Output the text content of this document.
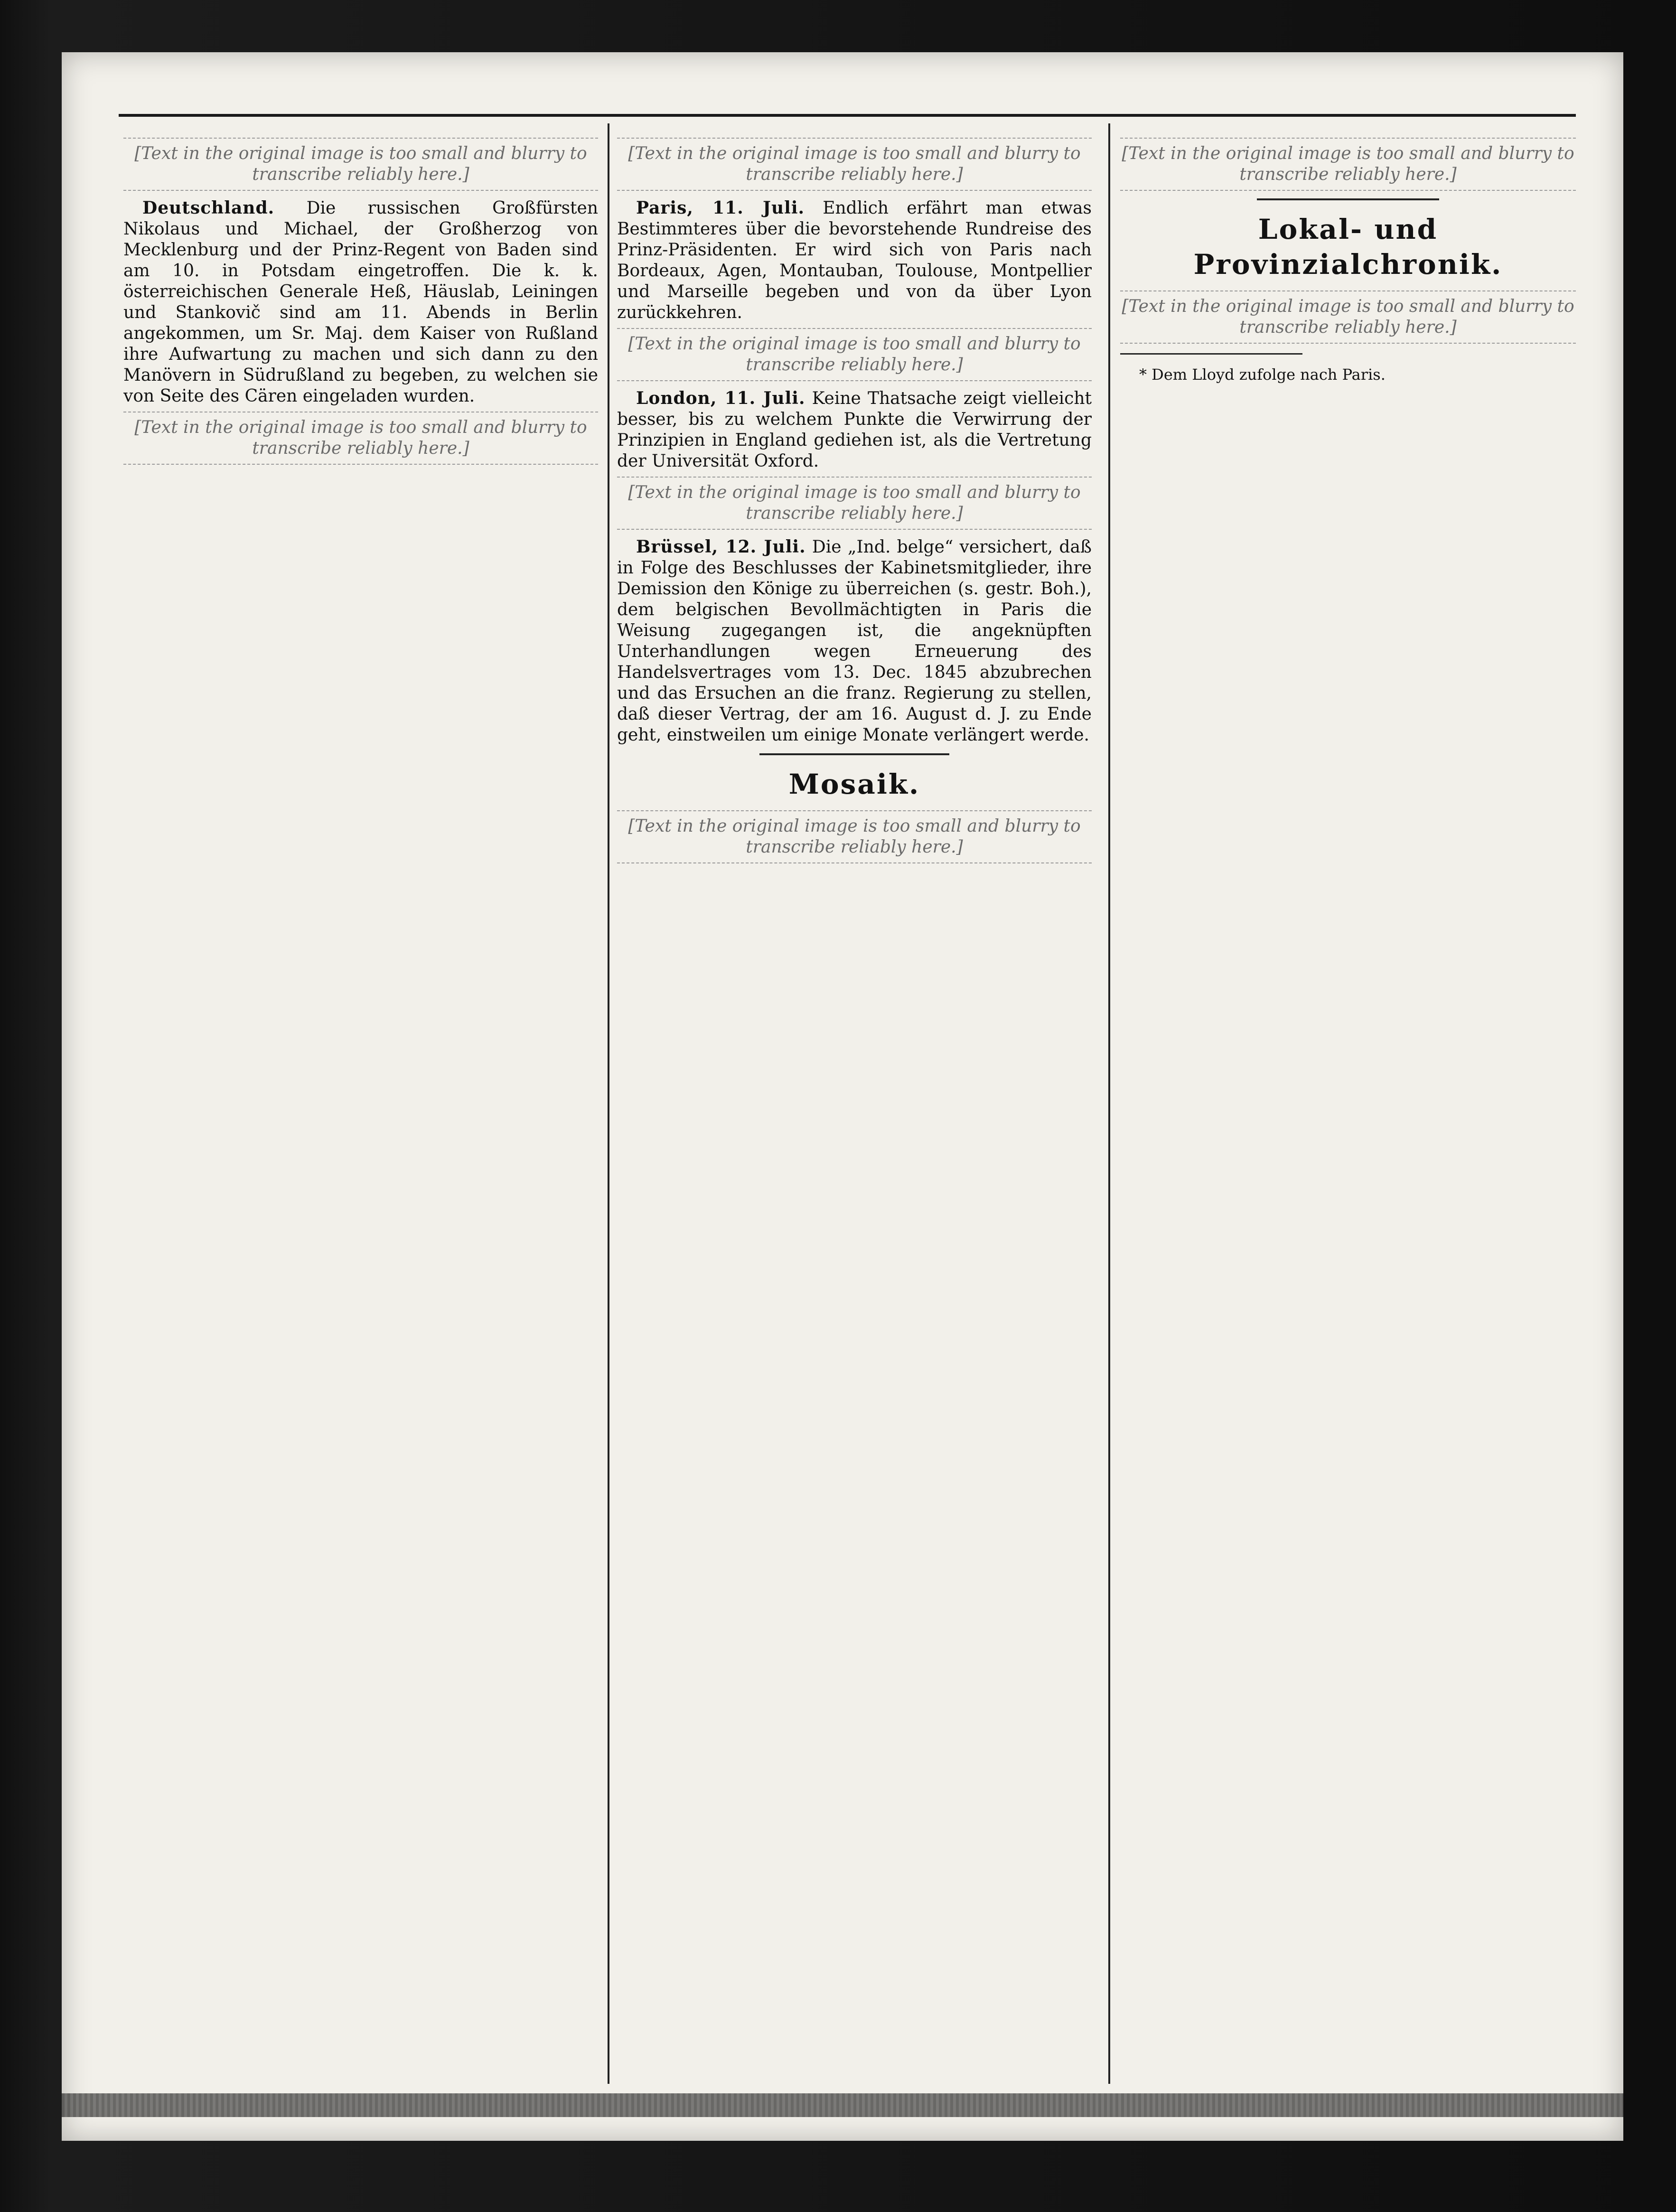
[Text in the original image is too small and blurry to transcribe reliably here.]

Deutschland. Die russischen Großfürsten Nikolaus und Michael, der Großherzog von Mecklenburg und der Prinz-Regent von Baden sind am 10. in Potsdam eingetroffen. Die k. k. österreichischen Generale Heß, Häuslab, Leiningen und Stankovič sind am 11. Abends in Berlin angekommen, um Sr. Maj. dem Kaiser von Rußland ihre Aufwartung zu machen und sich dann zu den Manövern in Südrußland zu begeben, zu welchen sie von Seite des Cären eingeladen wurden.

[Text in the original image is too small and blurry to transcribe reliably here.]

[Text in the original image is too small and blurry to transcribe reliably here.]

Paris, 11. Juli. Endlich erfährt man etwas Bestimmteres über die bevorstehende Rundreise des Prinz-Präsidenten. Er wird sich von Paris nach Bordeaux, Agen, Montauban, Toulouse, Montpellier und Marseille begeben und von da über Lyon zurückkehren.

[Text in the original image is too small and blurry to transcribe reliably here.]

London, 11. Juli. Keine Thatsache zeigt vielleicht besser, bis zu welchem Punkte die Verwirrung der Prinzipien in England gediehen ist, als die Vertretung der Universität Oxford.

[Text in the original image is too small and blurry to transcribe reliably here.]

Brüssel, 12. Juli. Die „Ind. belge“ versichert, daß in Folge des Beschlusses der Kabinetsmitglieder, ihre Demission den Könige zu überreichen (s. gestr. Boh.), dem belgischen Bevollmächtigten in Paris die Weisung zugegangen ist, die angeknüpften Unterhandlungen wegen Erneuerung des Handelsvertrages vom 13. Dec. 1845 abzubrechen und das Ersuchen an die franz. Regierung zu stellen, daß dieser Vertrag, der am 16. August d. J. zu Ende geht, einstweilen um einige Monate verlängert werde.

Mosaik.

[Text in the original image is too small and blurry to transcribe reliably here.]

[Text in the original image is too small and blurry to transcribe reliably here.]

Lokal- und Provinzialchronik.

[Text in the original image is too small and blurry to transcribe reliably here.]

* Dem Lloyd zufolge nach Paris.
